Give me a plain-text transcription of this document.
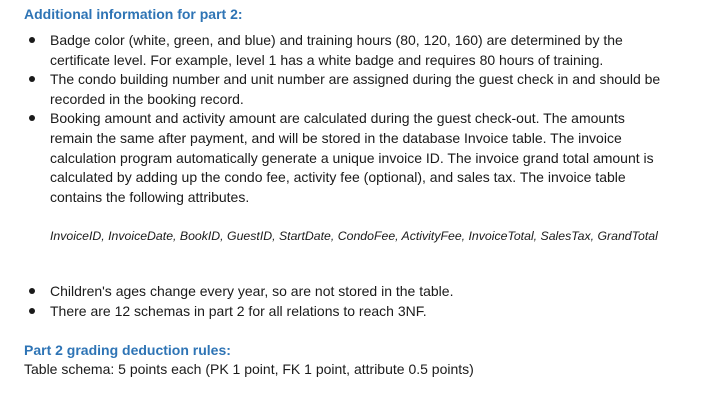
Additional information for part 2:
Badge color (white, green, and blue) and training hours (80, 120, 160) are determined by the certificate level. For example, level 1 has a white badge and requires 80 hours of training.
The condo building number and unit number are assigned during the guest check in and should be recorded in the booking record.
Booking amount and activity amount are calculated during the guest check-out. The amounts remain the same after payment, and will be stored in the database Invoice table. The invoice calculation program automatically generate a unique invoice ID. The invoice grand total amount is calculated by adding up the condo fee, activity fee (optional), and sales tax. The invoice table contains the following attributes.
InvoiceID, InvoiceDate, BookID, GuestID, StartDate, CondoFee, ActivityFee, InvoiceTotal, SalesTax, GrandTotal
Children's ages change every year, so are not stored in the table.
There are 12 schemas in part 2 for all relations to reach 3NF.
Part 2 grading deduction rules:
Table schema: 5 points each (PK 1 point, FK 1 point, attribute 0.5 points)
